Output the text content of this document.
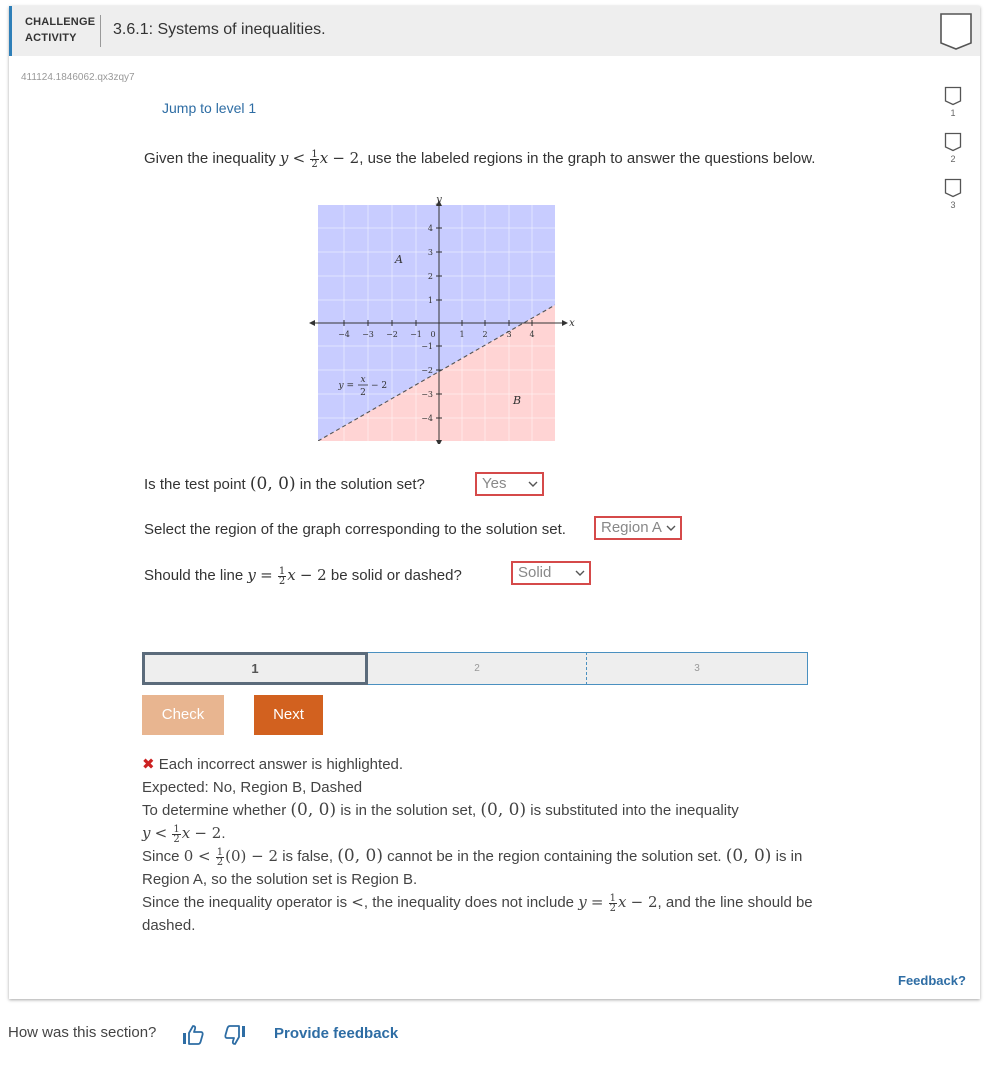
CHALLENGE
ACTIVITY	3.6.1: Systems of inequalities.
411124.1846062.qx3zqy7
Jump to level 1	1
2
3
Given the inequality $y < \frac{1}{2}$ x − 2, use the labeled regions in the graph to answer the questions below.
−4 −3 −2 −1 0	1 2 3 4
4
3
2
1
−1
−2
−3
−4
y
x
A
B
y =
x
2
− 2
Is the test point (0, 0) in the solution set?	Yes
Select the region of the graph corresponding to the solution set.	Region A
Should the line $y = \frac{1}{2}$ x − 2 be solid or dashed?	Solid
1	2	3
Check	Next

✖ Each incorrect answer is highlighted.

Expected: No, Region B, Dashed

To determine whether (0, 0) is in the solution set, (0, 0) is substituted into the inequality
$y < \frac{1}{2}$ x − 2.

Since $0 < \frac{1}{2} (0) - 2$ is false, (0, 0) cannot be in the region containing the solution set. (0, 0) is in Region A, so the solution set is Region B.

Since the inequality operator is <, the inequality does not include $y = \frac{1}{2}$ x − 2, and the line should be dashed.

Feedback?
How was this section?
	Provide feedback
